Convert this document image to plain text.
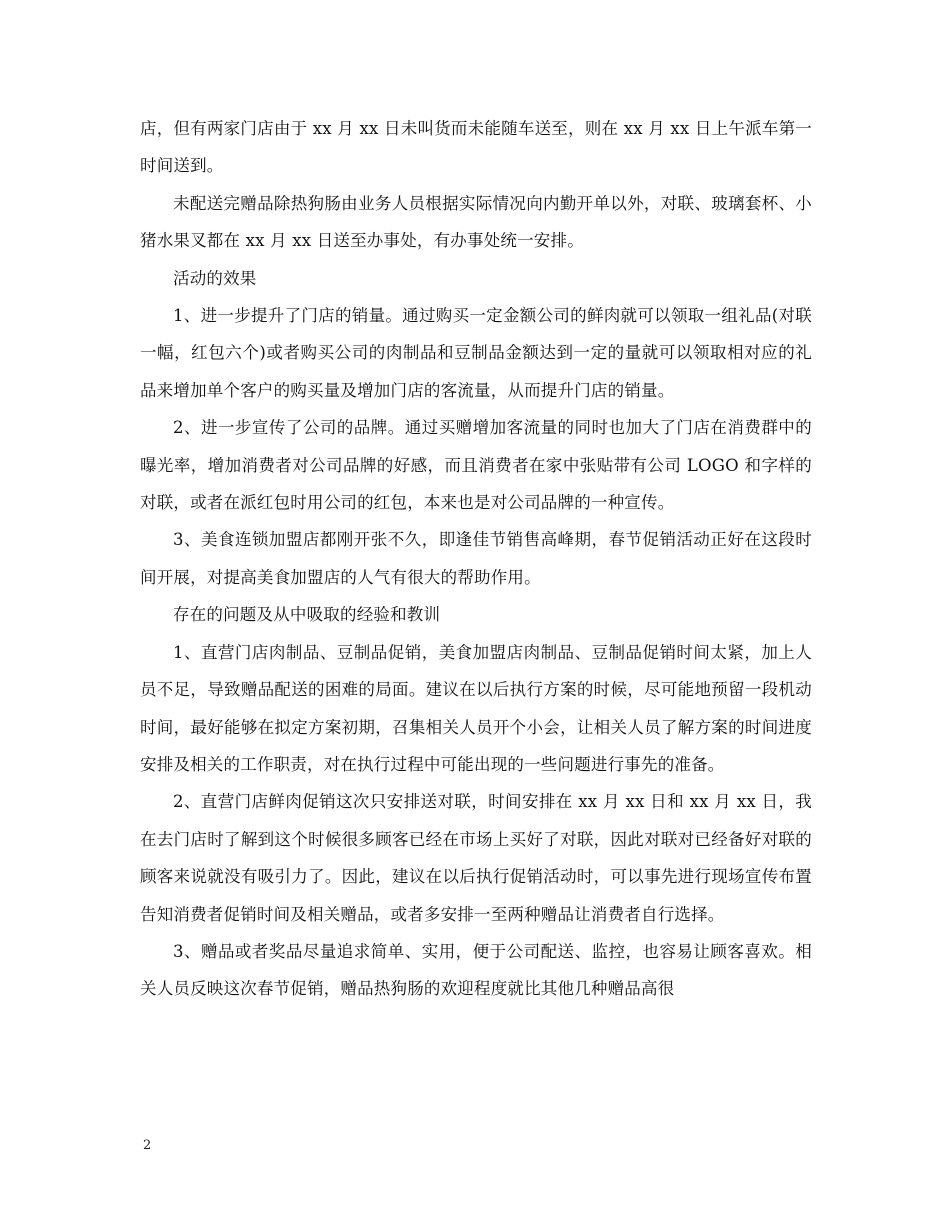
店，但有两家门店由于 xx 月 xx 日未叫货而未能随车送至，则在 xx 月 xx 日上午派车第一时间送到。

未配送完赠品除热狗肠由业务人员根据实际情况向内勤开单以外，对联、玻璃套杯、小猪水果叉都在 xx 月 xx 日送至办事处，有办事处统一安排。

活动的效果

1、进一步提升了门店的销量。通过购买一定金额公司的鲜肉就可以领取一组礼品(对联一幅，红包六个)或者购买公司的肉制品和豆制品金额达到一定的量就可以领取相对应的礼品来增加单个客户的购买量及增加门店的客流量，从而提升门店的销量。

2、进一步宣传了公司的品牌。通过买赠增加客流量的同时也加大了门店在消费群中的曝光率，增加消费者对公司品牌的好感，而且消费者在家中张贴带有公司 LOGO 和字样的对联，或者在派红包时用公司的红包，本来也是对公司品牌的一种宣传。

3、美食连锁加盟店都刚开张不久，即逢佳节销售高峰期，春节促销活动正好在这段时间开展，对提高美食加盟店的人气有很大的帮助作用。

存在的问题及从中吸取的经验和教训

1、直营门店肉制品、豆制品促销，美食加盟店肉制品、豆制品促销时间太紧，加上人员不足，导致赠品配送的困难的局面。建议在以后执行方案的时候，尽可能地预留一段机动时间，最好能够在拟定方案初期，召集相关人员开个小会，让相关人员了解方案的时间进度安排及相关的工作职责，对在执行过程中可能出现的一些问题进行事先的准备。

2、直营门店鲜肉促销这次只安排送对联，时间安排在 xx 月 xx 日和 xx 月 xx 日，我在去门店时了解到这个时候很多顾客已经在市场上买好了对联，因此对联对已经备好对联的顾客来说就没有吸引力了。因此，建议在以后执行促销活动时，可以事先进行现场宣传布置告知消费者促销时间及相关赠品，或者多安排一至两种赠品让消费者自行选择。

3、赠品或者奖品尽量追求简单、实用，便于公司配送、监控，也容易让顾客喜欢。相关人员反映这次春节促销，赠品热狗肠的欢迎程度就比其他几种赠品高很

2
